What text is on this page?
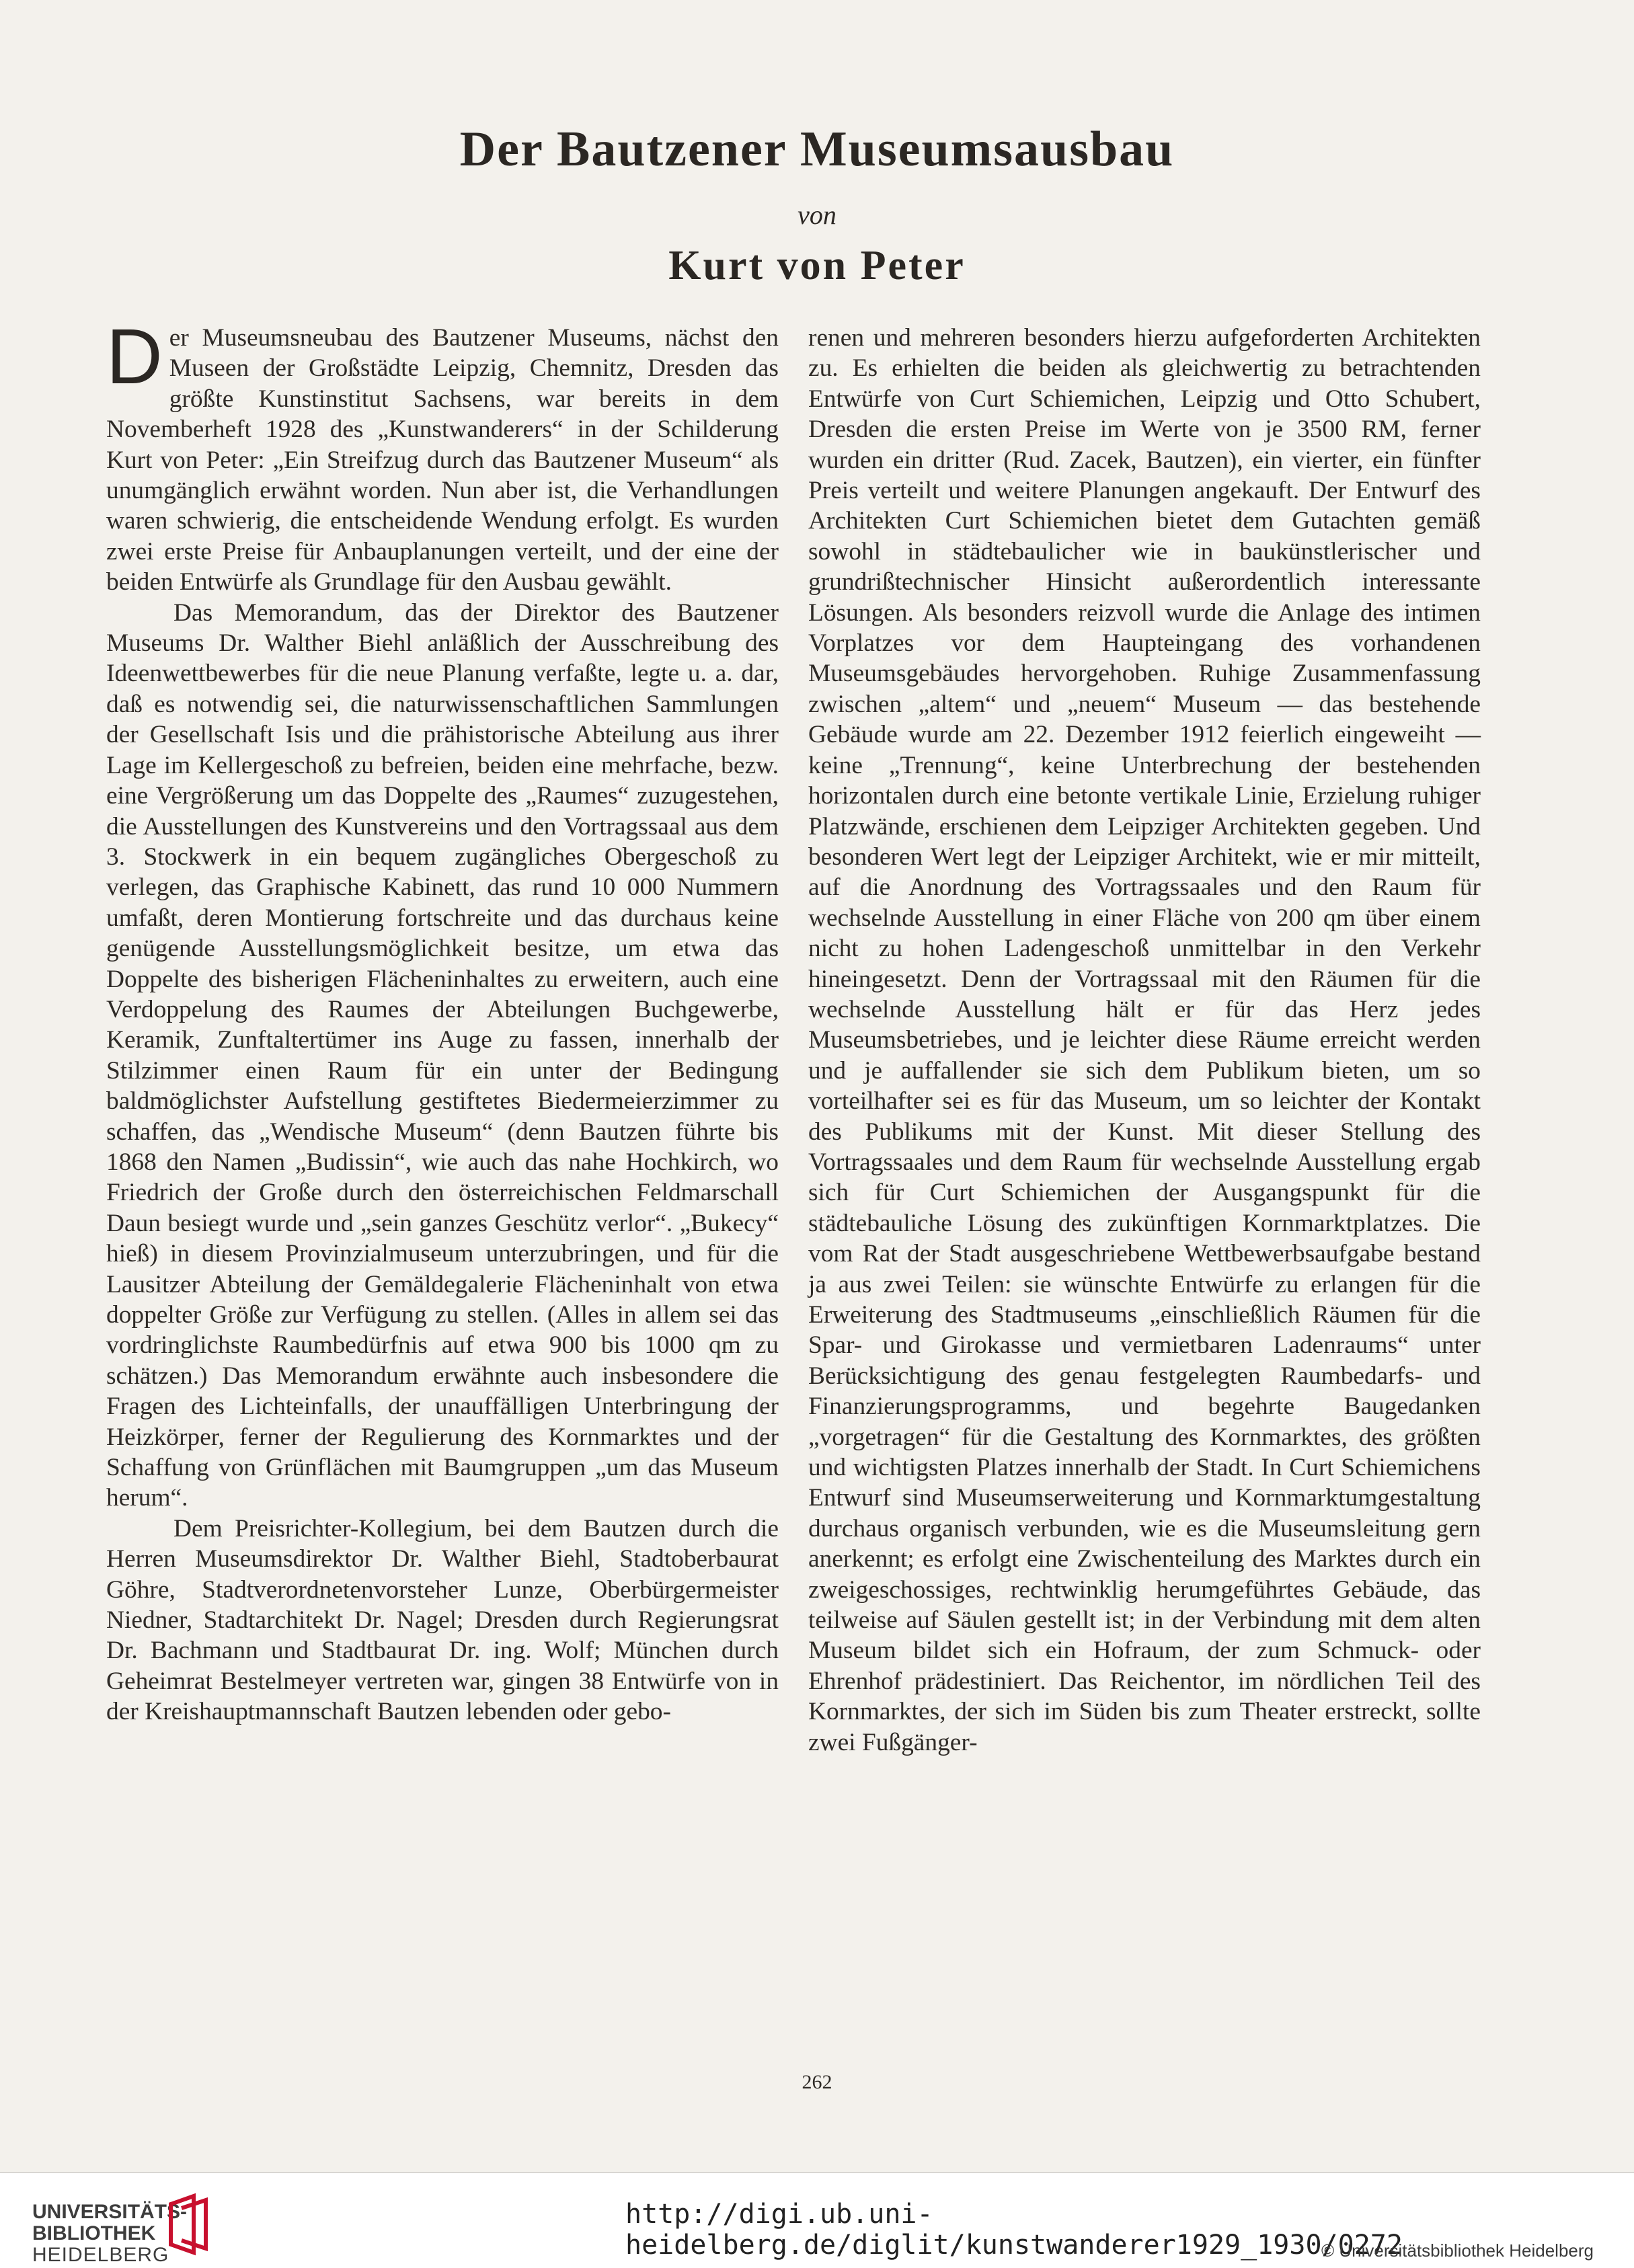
Der Bautzener Museumsausbau
von
Kurt von Peter

Der Museumsneubau des Bautzener Museums, nächst den Museen der Großstädte Leipzig, Chemnitz, Dresden das größte Kunstinstitut Sachsens, war bereits in dem Novemberheft 1928 des „Kunstwanderers“ in der Schilderung Kurt von Peter: „Ein Streifzug durch das Bautzener Museum“ als unumgänglich erwähnt worden. Nun aber ist, die Verhandlungen waren schwierig, die entscheidende Wendung erfolgt. Es wurden zwei erste Preise für Anbauplanungen verteilt, und der eine der beiden Entwürfe als Grundlage für den Ausbau gewählt.

Das Memorandum, das der Direktor des Bautzener Museums Dr. Walther Biehl anläßlich der Ausschreibung des Ideenwettbewerbes für die neue Planung verfaßte, legte u. a. dar, daß es notwendig sei, die naturwissenschaftlichen Sammlungen der Gesellschaft Isis und die prähistorische Abteilung aus ihrer Lage im Kellergeschoß zu befreien, beiden eine mehrfache, bezw. eine Vergrößerung um das Doppelte des „Raumes“ zuzugestehen, die Ausstellungen des Kunstvereins und den Vortragssaal aus dem 3. Stockwerk in ein bequem zugängliches Obergeschoß zu verlegen, das Graphische Kabinett, das rund 10 000 Nummern umfaßt, deren Montierung fortschreite und das durchaus keine genügende Ausstellungsmöglichkeit besitze, um etwa das Doppelte des bisherigen Flächeninhaltes zu erweitern, auch eine Verdoppelung des Raumes der Abteilungen Buchgewerbe, Keramik, Zunftaltertümer ins Auge zu fassen, innerhalb der Stilzimmer einen Raum für ein unter der Bedingung baldmöglichster Aufstellung gestiftetes Biedermeierzimmer zu schaffen, das „Wendische Museum“ (denn Bautzen führte bis 1868 den Namen „Budissin“, wie auch das nahe Hochkirch, wo Friedrich der Große durch den österreichischen Feldmarschall Daun besiegt wurde und „sein ganzes Geschütz verlor“. „Bukecy“ hieß) in diesem Provinzialmuseum unterzubringen, und für die Lausitzer Abteilung der Gemäldegalerie Flächeninhalt von etwa doppelter Größe zur Verfügung zu stellen. (Alles in allem sei das vordringlichste Raumbedürfnis auf etwa 900 bis 1000 qm zu schätzen.) Das Memorandum erwähnte auch insbesondere die Fragen des Lichteinfalls, der unauffälligen Unterbringung der Heizkörper, ferner der Regulierung des Kornmarktes und der Schaffung von Grünflächen mit Baumgruppen „um das Museum herum“.

Dem Preisrichter-Kollegium, bei dem Bautzen durch die Herren Museumsdirektor Dr. Walther Biehl, Stadtoberbaurat Göhre, Stadtverordnetenvorsteher Lunze, Oberbürgermeister Niedner, Stadtarchitekt Dr. Nagel; Dresden durch Regierungsrat Dr. Bachmann und Stadtbaurat Dr. ing. Wolf; München durch Geheimrat Bestelmeyer vertreten war, gingen 38 Entwürfe von in der Kreishauptmannschaft Bautzen lebenden oder gebo-

renen und mehreren besonders hierzu aufgeforderten Architekten zu. Es erhielten die beiden als gleichwertig zu betrachtenden Entwürfe von Curt Schiemichen, Leipzig und Otto Schubert, Dresden die ersten Preise im Werte von je 3500 RM, ferner wurden ein dritter (Rud. Zacek, Bautzen), ein vierter, ein fünfter Preis verteilt und weitere Planungen angekauft. Der Entwurf des Architekten Curt Schiemichen bietet dem Gutachten gemäß sowohl in städtebaulicher wie in baukünstlerischer und grundrißtechnischer Hinsicht außerordentlich interessante Lösungen. Als besonders reizvoll wurde die Anlage des intimen Vorplatzes vor dem Haupteingang des vorhandenen Museumsgebäudes hervorgehoben. Ruhige Zusammenfassung zwischen „altem“ und „neuem“ Museum — das bestehende Gebäude wurde am 22. Dezember 1912 feierlich eingeweiht — keine „Trennung“, keine Unterbrechung der bestehenden horizontalen durch eine betonte vertikale Linie, Erzielung ruhiger Platzwände, erschienen dem Leipziger Architekten gegeben. Und besonderen Wert legt der Leipziger Architekt, wie er mir mitteilt, auf die Anordnung des Vortragssaales und den Raum für wechselnde Ausstellung in einer Fläche von 200 qm über einem nicht zu hohen Ladengeschoß unmittelbar in den Verkehr hineingesetzt. Denn der Vortragssaal mit den Räumen für die wechselnde Ausstellung hält er für das Herz jedes Museumsbetriebes, und je leichter diese Räume erreicht werden und je auffallender sie sich dem Publikum bieten, um so vorteilhafter sei es für das Museum, um so leichter der Kontakt des Publikums mit der Kunst. Mit dieser Stellung des Vortragssaales und dem Raum für wechselnde Ausstellung ergab sich für Curt Schiemichen der Ausgangspunkt für die städtebauliche Lösung des zukünftigen Kornmarktplatzes. Die vom Rat der Stadt ausgeschriebene Wettbewerbsaufgabe bestand ja aus zwei Teilen: sie wünschte Entwürfe zu erlangen für die Erweiterung des Stadtmuseums „einschließlich Räumen für die Spar- und Girokasse und vermietbaren Ladenraums“ unter Berücksichtigung des genau festgelegten Raumbedarfs- und Finanzierungsprogramms, und begehrte Baugedanken „vorgetragen“ für die Gestaltung des Kornmarktes, des größten und wichtigsten Platzes innerhalb der Stadt. In Curt Schiemichens Entwurf sind Museumserweiterung und Kornmarktumgestaltung durchaus organisch verbunden, wie es die Museumsleitung gern anerkennt; es erfolgt eine Zwischenteilung des Marktes durch ein zweigeschossiges, rechtwinklig herumgeführtes Gebäude, das teilweise auf Säulen gestellt ist; in der Verbindung mit dem alten Museum bildet sich ein Hofraum, der zum Schmuck- oder Ehrenhof prädestiniert. Das Reichentor, im nördlichen Teil des Kornmarktes, der sich im Süden bis zum Theater erstreckt, sollte zwei Fußgänger-

262
UNIVERSITÄTS-
BIBLIOTHEK
HEIDELBERG
http://digi.ub.uni-heidelberg.de/diglit/kunstwanderer1929_1930/0272
© Universitätsbibliothek Heidelberg
